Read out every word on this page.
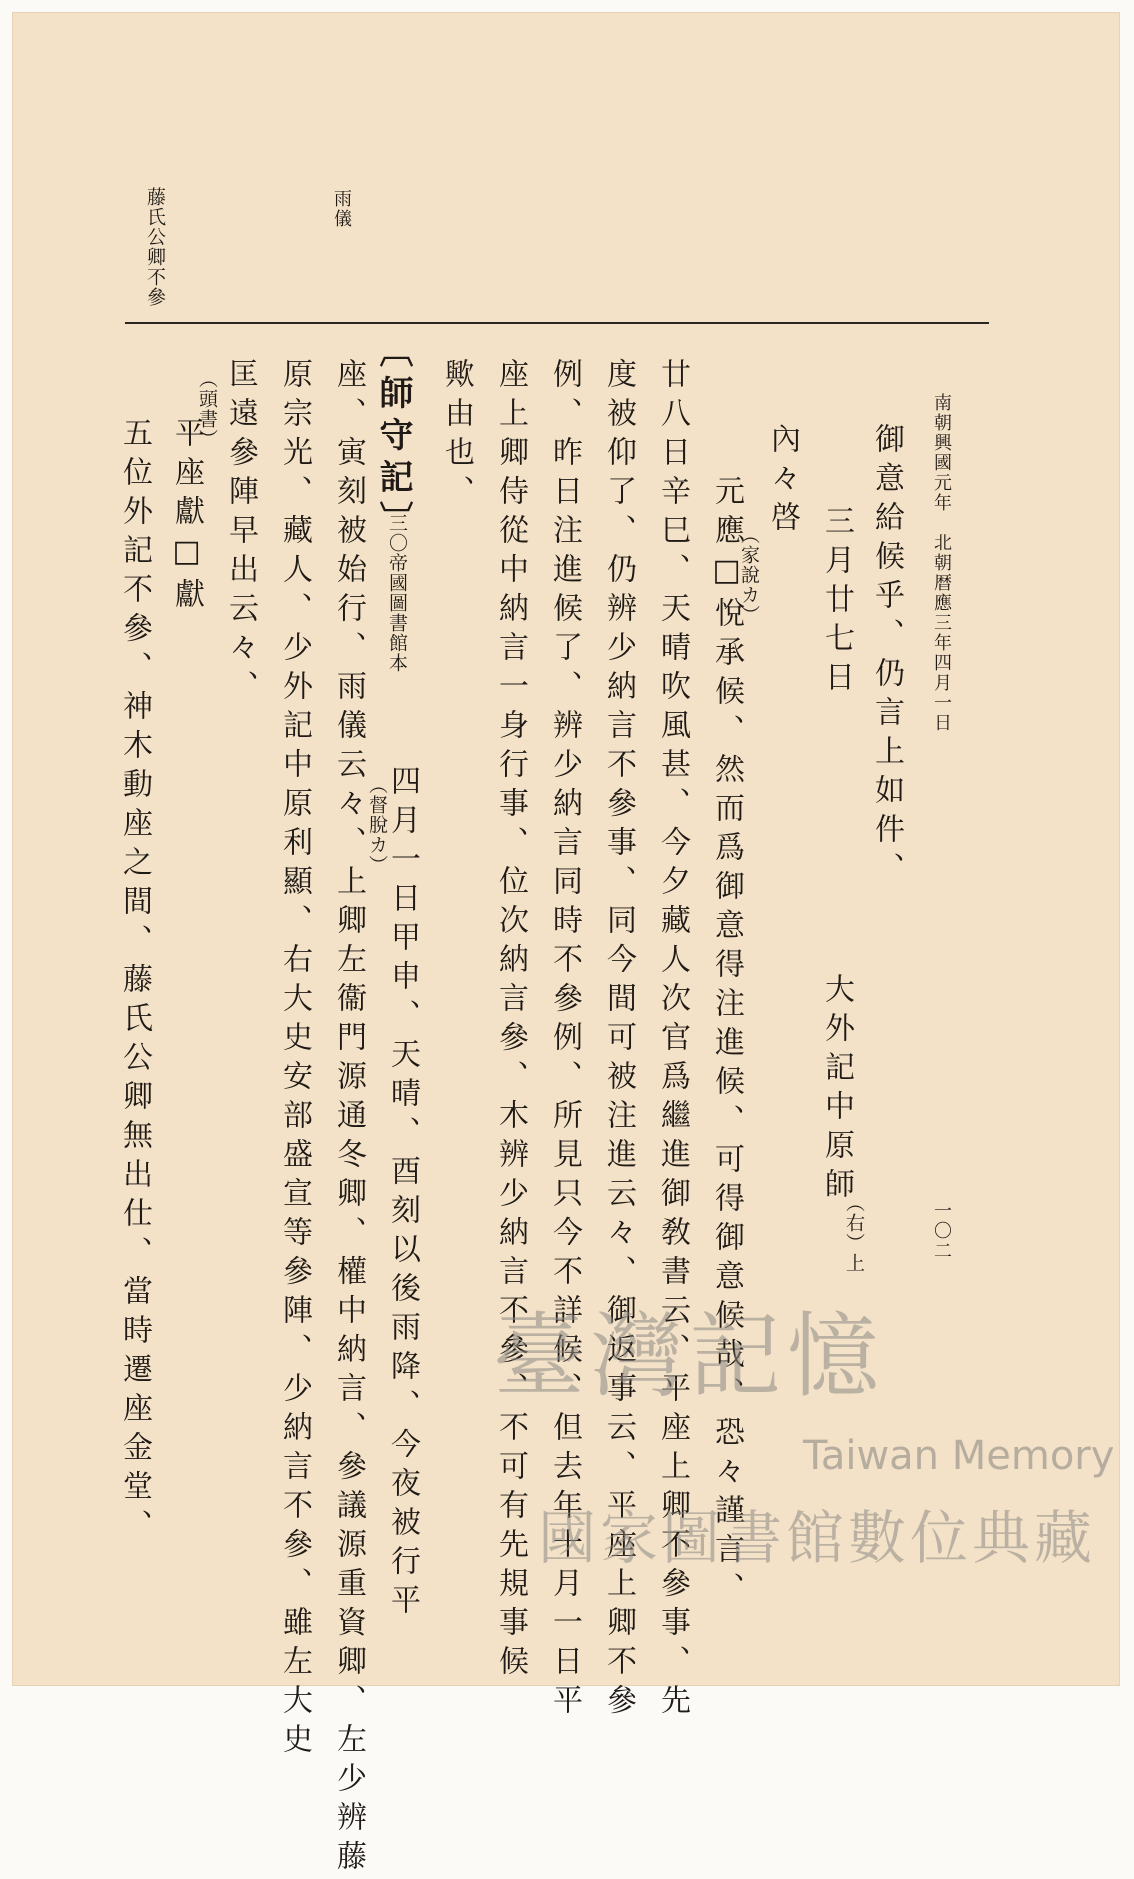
南朝興國元年　北朝暦應三年四月一日
一〇二
雨儀
藤氏公卿不參
御意給候乎、仍言上如件、
三月廿七日　　　　　　　大外記中原師
（右）上
內々啓
（家說カ）
元應□悅承候、然而爲御意得注進候、可得御意候哉、恐々謹言、
廿八日辛巳、天晴吹風甚、今夕藏人次官爲繼進御敎書云、平座上卿不參事、先
度被仰了、仍辨少納言不參事、同今間可被注進云々、御返事云、平座上卿不參
例、昨日注進候了、辨少納言同時不參例、所見只今不詳候、但去年十月一日平
座上卿侍從中納言一身行事、位次納言參、木辨少納言不參、不可有先規事候
歟由也、
〔師守記〕
三〇帝國圖書館本
四月一日甲申、天晴、酉刻以後雨降、今夜被行平
（督脫カ）
座、寅刻被始行、雨儀云々、上卿左衞門源通冬卿、權中納言、參議源重資卿、左少辨藤
原宗光、藏人、少外記中原利顯、右大史安部盛宣等參陣、少納言不參、雖左大史
匡遠參陣早出云々、
（頭書）
平座獻□獻
五位外記不參、神木動座之間、藤氏公卿無出仕、當時遷座金堂、	臺灣記憶
Taiwan Memory
國家圖書館數位典藏
